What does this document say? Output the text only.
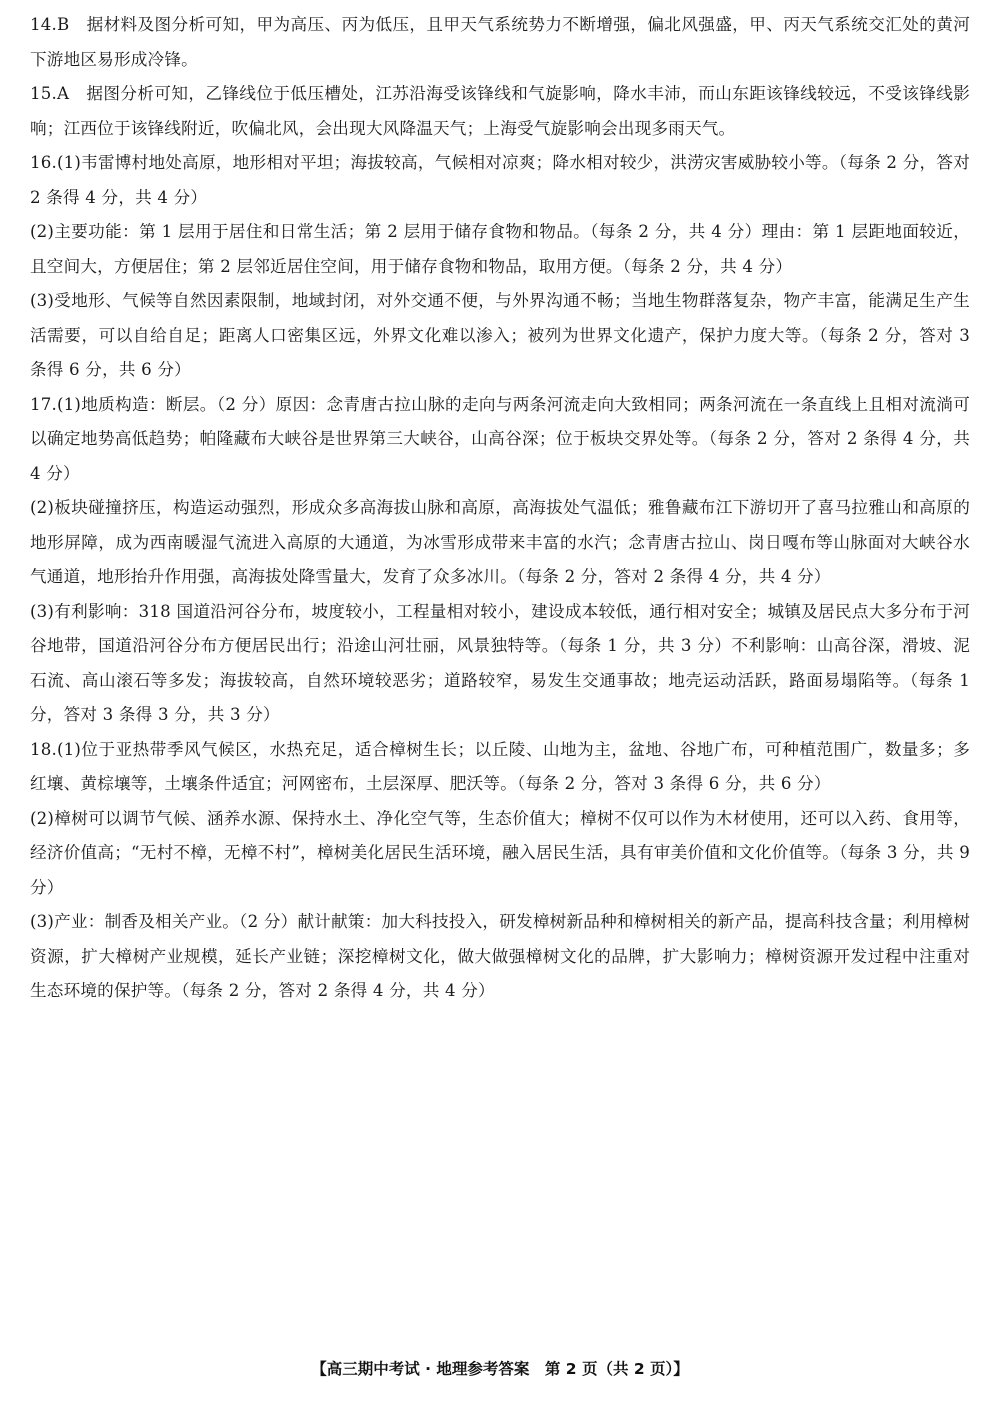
14.B　据材料及图分析可知，甲为高压、丙为低压，且甲天气系统势力不断增强，偏北风强盛，甲、丙天气系统交汇处的黄河下游地区易形成冷锋。

15.A　据图分析可知，乙锋线位于低压槽处，江苏沿海受该锋线和气旋影响，降水丰沛，而山东距该锋线较远，不受该锋线影响；江西位于该锋线附近，吹偏北风，会出现大风降温天气；上海受气旋影响会出现多雨天气。

16.(1)韦雷博村地处高原，地形相对平坦；海拔较高，气候相对凉爽；降水相对较少，洪涝灾害威胁较小等。（每条 2 分，答对 2 条得 4 分，共 4 分）

(2)主要功能：第 1 层用于居住和日常生活；第 2 层用于储存食物和物品。（每条 2 分，共 4 分）理由：第 1 层距地面较近，且空间大，方便居住；第 2 层邻近居住空间，用于储存食物和物品，取用方便。（每条 2 分，共 4 分）

(3)受地形、气候等自然因素限制，地域封闭，对外交通不便，与外界沟通不畅；当地生物群落复杂，物产丰富，能满足生产生活需要，可以自给自足；距离人口密集区远，外界文化难以渗入；被列为世界文化遗产，保护力度大等。（每条 2 分，答对 3 条得 6 分，共 6 分）

17.(1)地质构造：断层。（2 分）原因：念青唐古拉山脉的走向与两条河流走向大致相同；两条河流在一条直线上且相对流淌可以确定地势高低趋势；帕隆藏布大峡谷是世界第三大峡谷，山高谷深；位于板块交界处等。（每条 2 分，答对 2 条得 4 分，共 4 分）

(2)板块碰撞挤压，构造运动强烈，形成众多高海拔山脉和高原，高海拔处气温低；雅鲁藏布江下游切开了喜马拉雅山和高原的地形屏障，成为西南暖湿气流进入高原的大通道，为冰雪形成带来丰富的水汽；念青唐古拉山、岗日嘎布等山脉面对大峡谷水气通道，地形抬升作用强，高海拔处降雪量大，发育了众多冰川。（每条 2 分，答对 2 条得 4 分，共 4 分）

(3)有利影响：318 国道沿河谷分布，坡度较小，工程量相对较小，建设成本较低，通行相对安全；城镇及居民点大多分布于河谷地带，国道沿河谷分布方便居民出行；沿途山河壮丽，风景独特等。（每条 1 分，共 3 分）不利影响：山高谷深，滑坡、泥石流、高山滚石等多发；海拔较高，自然环境较恶劣；道路较窄，易发生交通事故；地壳运动活跃，路面易塌陷等。（每条 1 分，答对 3 条得 3 分，共 3 分）

18.(1)位于亚热带季风气候区，水热充足，适合樟树生长；以丘陵、山地为主，盆地、谷地广布，可种植范围广，数量多；多红壤、黄棕壤等，土壤条件适宜；河网密布，土层深厚、肥沃等。（每条 2 分，答对 3 条得 6 分，共 6 分）

(2)樟树可以调节气候、涵养水源、保持水土、净化空气等，生态价值大；樟树不仅可以作为木材使用，还可以入药、食用等，经济价值高；“无村不樟，无樟不村”，樟树美化居民生活环境，融入居民生活，具有审美价值和文化价值等。（每条 3 分，共 9 分）

(3)产业：制香及相关产业。（2 分）献计献策：加大科技投入，研发樟树新品种和樟树相关的新产品，提高科技含量；利用樟树资源，扩大樟树产业规模，延长产业链；深挖樟树文化，做大做强樟树文化的品牌，扩大影响力；樟树资源开发过程中注重对生态环境的保护等。（每条 2 分，答对 2 条得 4 分，共 4 分）

【高三期中考试 · 地理参考答案　第 2 页（共 2 页）】
